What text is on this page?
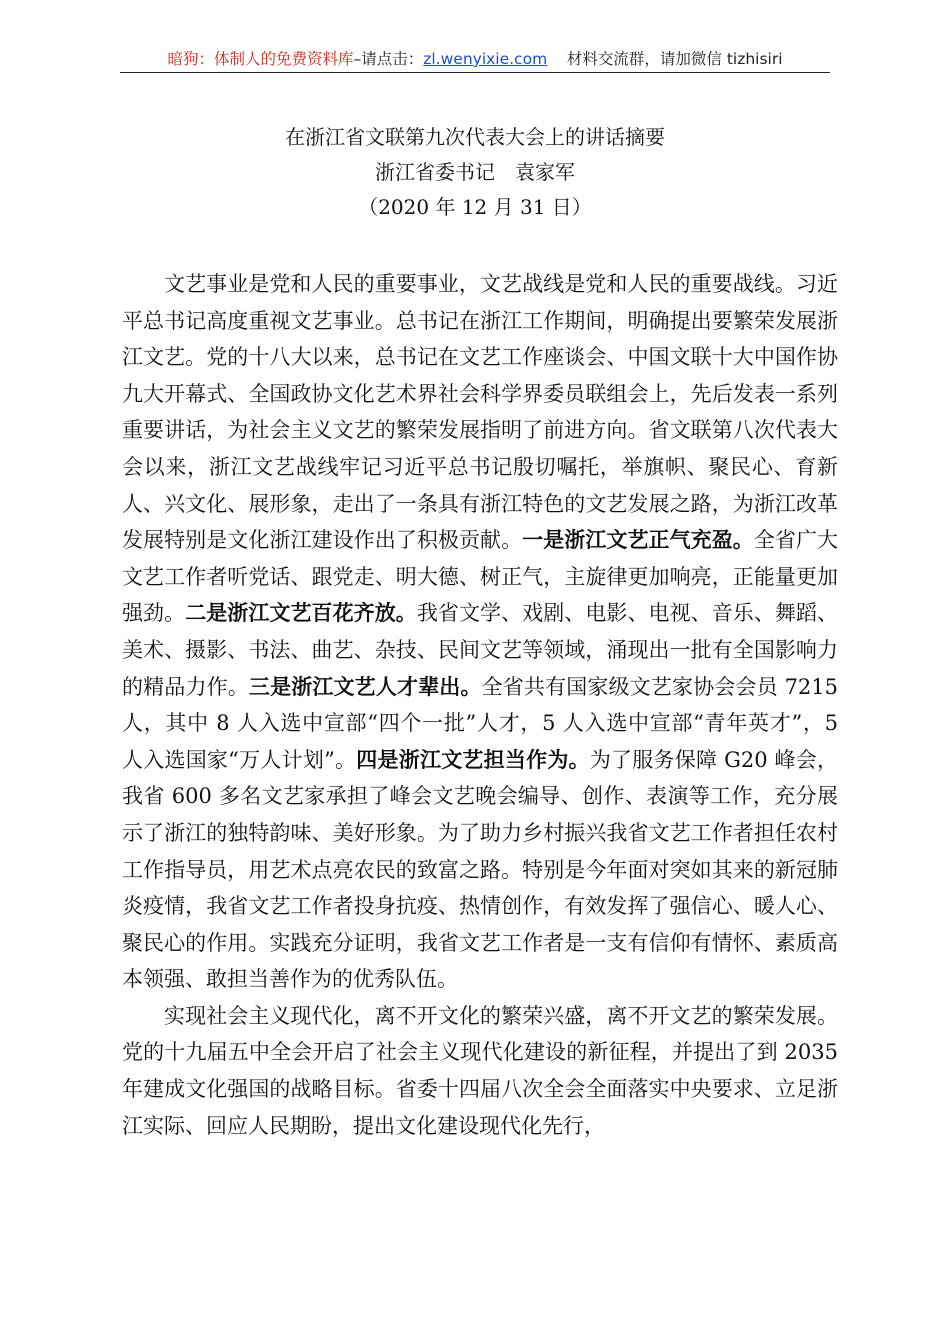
暗狗：体制人的免费资料库–请点击：zl.wenyixie.com 材料交流群，请加微信 tizhisiri
在浙江省文联第九次代表大会上的讲话摘要
浙江省委书记　袁家军
（2020 年 12 月 31 日）

文艺事业是党和人民的重要事业，文艺战线是党和人民的重要战线。习近平总书记高度重视文艺事业。总书记在浙江工作期间，明确提出要繁荣发展浙江文艺。党的十八大以来，总书记在文艺工作座谈会、中国文联十大中国作协九大开幕式、全国政协文化艺术界社会科学界委员联组会上，先后发表一系列重要讲话，为社会主义文艺的繁荣发展指明了前进方向。省文联第八次代表大会以来，浙江文艺战线牢记习近平总书记殷切嘱托，举旗帜、聚民心、育新人、兴文化、展形象，走出了一条具有浙江特色的文艺发展之路，为浙江改革发展特别是文化浙江建设作出了积极贡献。一是浙江文艺正气充盈。全省广大文艺工作者听党话、跟党走、明大德、树正气，主旋律更加响亮，正能量更加强劲。二是浙江文艺百花齐放。我省文学、戏剧、电影、电视、音乐、舞蹈、美术、摄影、书法、曲艺、杂技、民间文艺等领域，涌现出一批有全国影响力的精品力作。三是浙江文艺人才辈出。全省共有国家级文艺家协会会员 7215 人，其中 8 人入选中宣部“四个一批”人才，5 人入选中宣部“青年英才”，5 人入选国家“万人计划”。四是浙江文艺担当作为。为了服务保障 G20 峰会，我省 600 多名文艺家承担了峰会文艺晚会编导、创作、表演等工作，充分展示了浙江的独特韵味、美好形象。为了助力乡村振兴我省文艺工作者担任农村工作指导员，用艺术点亮农民的致富之路。特别是今年面对突如其来的新冠肺炎疫情，我省文艺工作者投身抗疫、热情创作，有效发挥了强信心、暖人心、聚民心的作用。实践充分证明，我省文艺工作者是一支有信仰有情怀、素质高本领强、敢担当善作为的优秀队伍。

实现社会主义现代化，离不开文化的繁荣兴盛，离不开文艺的繁荣发展。党的十九届五中全会开启了社会主义现代化建设的新征程，并提出了到 2035 年建成文化强国的战略目标。省委十四届八次全会全面落实中央要求、立足浙江实际、回应人民期盼，提出文化建设现代化先行，
